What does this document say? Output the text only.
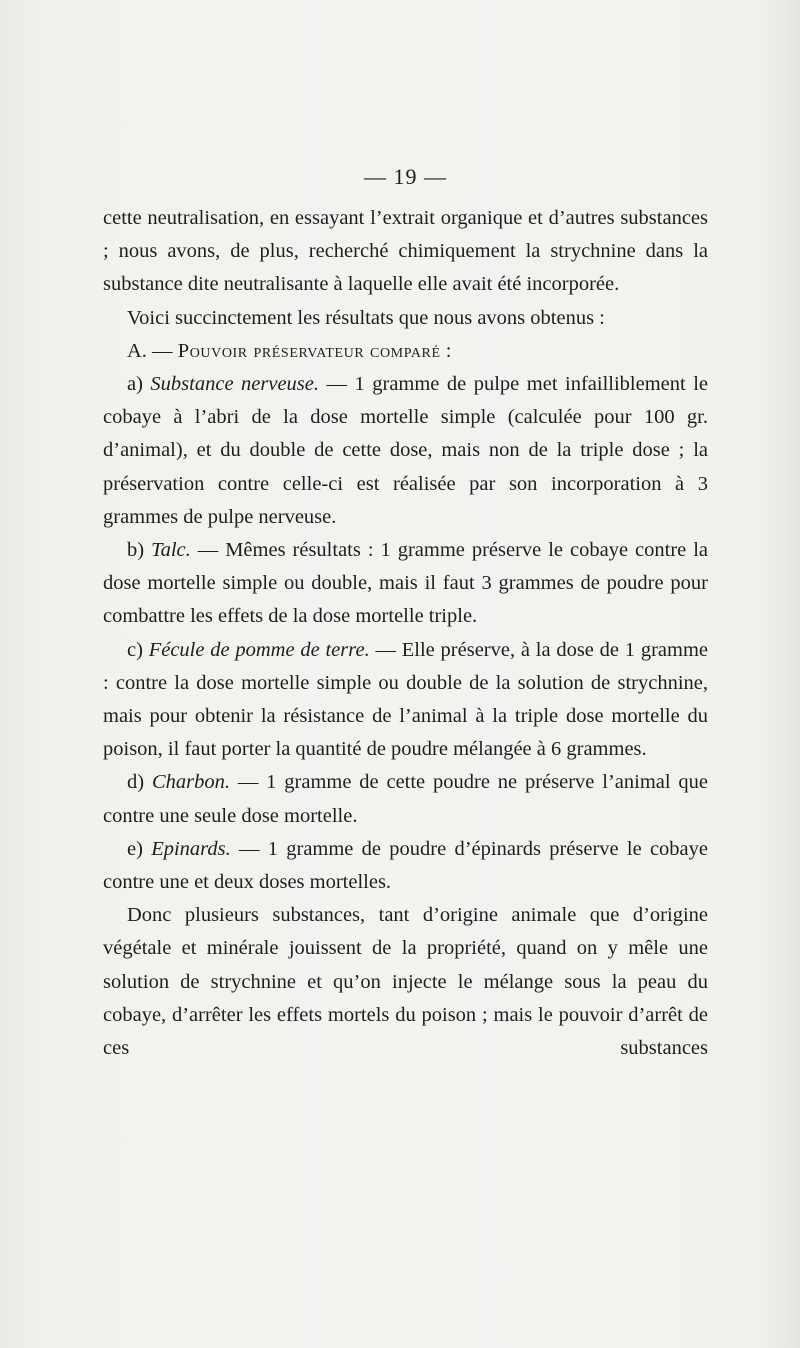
— 19 —

cette neutralisation, en essayant l’extrait organique et d’autres substances ; nous avons, de plus, recherché chimiquement la strychnine dans la substance dite neutralisante à laquelle elle avait été incorporée.

Voici succinctement les résultats que nous avons obtenus :

A. — Pouvoir préservateur comparé :

a) Substance nerveuse. — 1 gramme de pulpe met infailliblement le cobaye à l’abri de la dose mortelle simple (calculée pour 100 gr. d’animal), et du double de cette dose, mais non de la triple dose ; la préservation contre celle-ci est réalisée par son incorporation à 3 grammes de pulpe nerveuse.

b) Talc. — Mêmes résultats : 1 gramme préserve le cobaye contre la dose mortelle simple ou double, mais il faut 3 grammes de poudre pour combattre les effets de la dose mortelle triple.

c) Fécule de pomme de terre. — Elle préserve, à la dose de 1 gramme : contre la dose mortelle simple ou double de la solution de strychnine, mais pour obtenir la résistance de l’animal à la triple dose mortelle du poison, il faut porter la quantité de poudre mélangée à 6 grammes.

d) Charbon. — 1 gramme de cette poudre ne préserve l’animal que contre une seule dose mortelle.

e) Epinards. — 1 gramme de poudre d’épinards préserve le cobaye contre une et deux doses mortelles.

Donc plusieurs substances, tant d’origine animale que d’origine végétale et minérale jouissent de la propriété, quand on y mêle une solution de strychnine et qu’on injecte le mélange sous la peau du cobaye, d’arrêter les effets mortels du poison ; mais le pouvoir d’arrêt de ces substances
